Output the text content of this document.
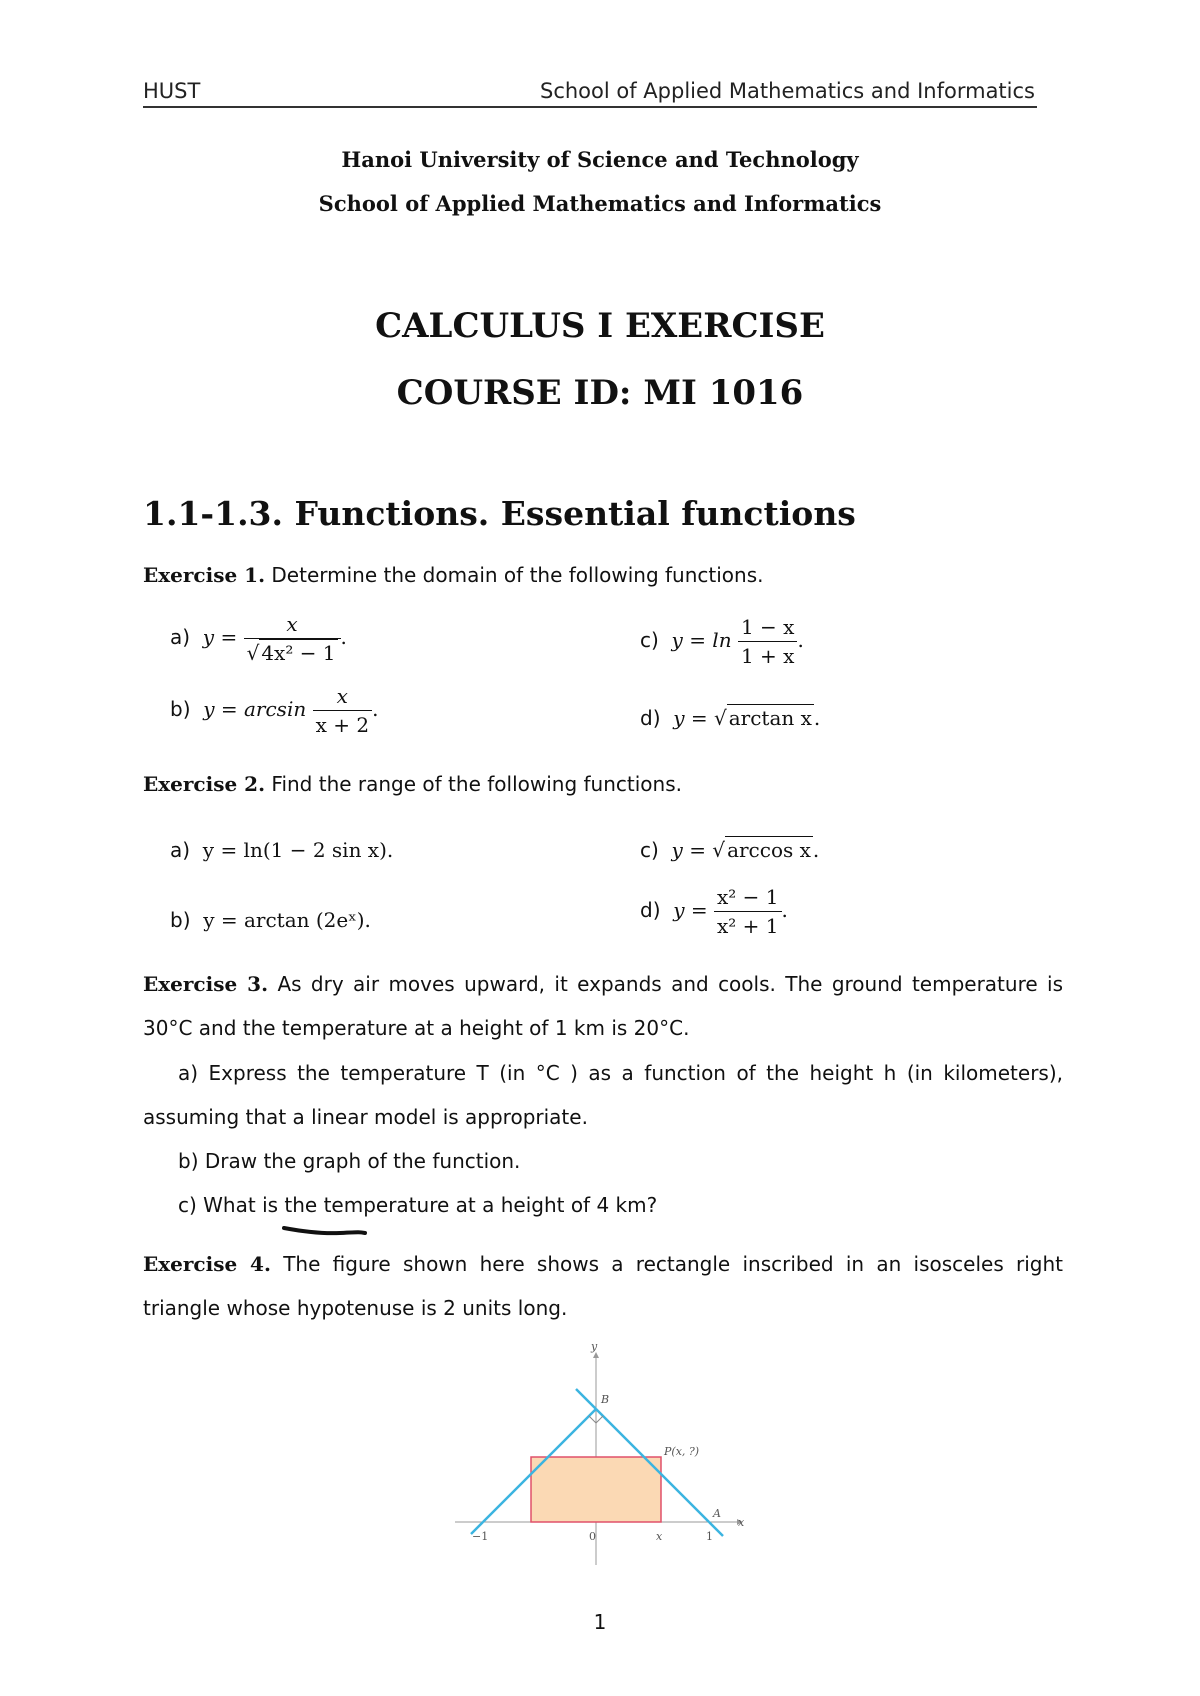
HUST	School of Applied Mathematics and Informatics
Hanoi University of Science and Technology
School of Applied Mathematics and Informatics
CALCULUS I EXERCISE
COURSE ID: MI 1016
1.1-1.3. Functions. Essential functions
Exercise 1. Determine the domain of the following functions.
a) $y = \frac{x}{\text{√ 4x² − 1}}$ .	c) $y = \ln \frac{1 - x}{1 + x}$ .
b) $y = \arcsin \frac{x}{x + 2}$ .	d) y = √ arctan x .
Exercise 2. Find the range of the following functions.
a) y = ln(1 − 2 sin x).	c) y = √ arccos x .
b) y = arctan (2eˣ).	d) $y = \frac{\text{x² − 1}}{\text{x² + 1}}$ .
Exercise 3. As dry air moves upward, it expands and cools. The ground temperature is
30°C and the temperature at a height of 1 km is 20°C.
a) Express the temperature T (in °C ) as a function of the height h (in kilometers),
assuming that a linear model is appropriate.
b) Draw the graph of the function.
c) What is the temperature at a height of 4 km?
Exercise 4. The figure shown here shows a rectangle inscribed in an isosceles right
triangle whose hypotenuse is 2 units long.
y
B
P(x, ?)
A
x
−1	0	x	1
1
